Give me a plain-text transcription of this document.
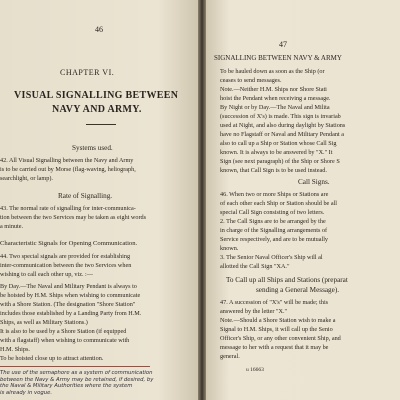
46
CHAPTER VI.
VISUAL SIGNALLING BETWEEN
NAVY AND ARMY.
Systems used.
42. All Visual Signalling between the Navy and Army
is to be carried out by Morse (flag-waving, heliograph,
searchlight, or lamp).
Rate of Signalling.
43. The normal rate of signalling for inter-communica-
tion between the two Services may be taken as eight words
a minute.
Characteristic Signals for Opening Communication.
44. Two special signals are provided for establishing
inter-communication between the two Services when
wishing to call each other up, viz. :—
By Day.—The Naval and Military Pendant is always to
be hoisted by H.M. Ships when wishing to communicate
with a Shore Station. (The designation "Shore Station"
includes those established by a Landing Party from H.M.
Ships, as well as Military Stations.)
It is also to be used by a Shore Station (if equipped
with a flagstaff) when wishing to communicate with
H.M. Ships.
To be hoisted close up to attract attention.
The use of the semaphore as a system of communication
between the Navy & Army may be retained, if desired, by
the Naval & Military Authorities where the system
is already in vogue.
47
SIGNALLING BETWEEN NAVY & ARMY
To be hauled down as soon as the Ship (or
ceases to send messages.
Note.—Neither H.M. Ships nor Shore Stati
hoist the Pendant when receiving a message.
By Night or by Day.—The Naval and Milita
(succession of X's) is made. This sign is invariab
used at Night, and also during daylight by Stations
have no Flagstaff or Naval and Military Pendant a
also to call up a Ship or Station whose Call Sig
known. It is always to be answered by "X." It
Sign (see next paragraph) of the Ship or Shore S
known, that Call Sign is to be used instead.
Call Signs.
46. When two or more Ships or Stations are
of each other each Ship or Station should be all
special Call Sign consisting of two letters.
2. The Call Signs are to be arranged by the
in charge of the Signalling arrangements of
Service respectively, and are to be mutually
known.
3. The Senior Naval Officer's Ship will al
allotted the Call Sign "XA."
To Call up all Ships and Stations (preparat
sending a General Message).
47. A succession of "X's" will be made; this
answered by the letter "X."
Note.—Should a Shore Station wish to make a
Signal to H.M. Ships, it will call up the Senio
Officer's Ship, or any other convenient Ship, and
message to her with a request that it may be
general.
u 16663
